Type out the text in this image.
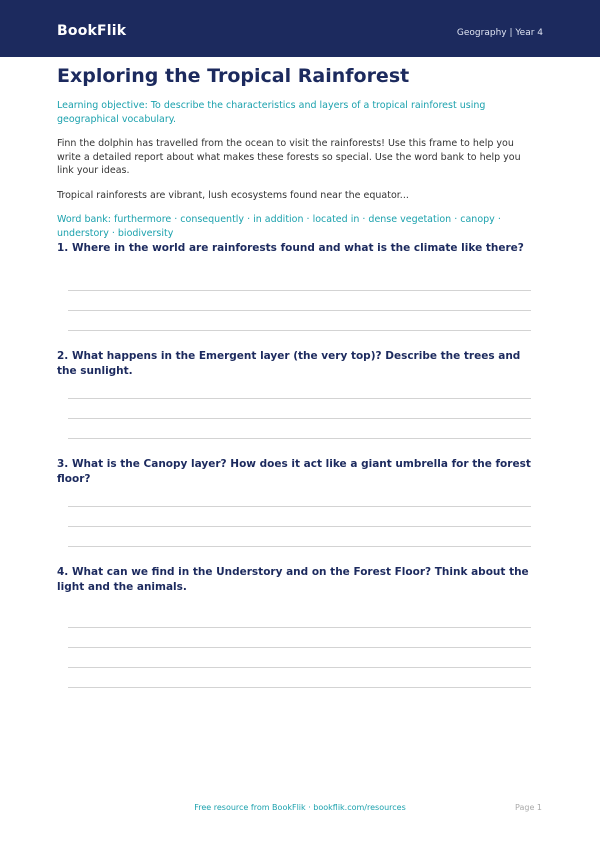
BookFlik	Geography | Year 4
Exploring the Tropical Rainforest
Learning objective: To describe the characteristics and layers of a tropical rainforest using geographical vocabulary.
Finn the dolphin has travelled from the ocean to visit the rainforests! Use this frame to help you write a detailed report about what makes these forests so special. Use the word bank to help you link your ideas.
Tropical rainforests are vibrant, lush ecosystems found near the equator...
Word bank: furthermore · consequently · in addition · located in · dense vegetation · canopy · understory · biodiversity
1. Where in the world are rainforests found and what is the climate like there?
2. What happens in the Emergent layer (the very top)? Describe the trees and the sunlight.
3. What is the Canopy layer? How does it act like a giant umbrella for the forest floor?
4. What can we find in the Understory and on the Forest Floor? Think about the light and the animals.
Free resource from BookFlik · bookflik.com/resources	Page 1
